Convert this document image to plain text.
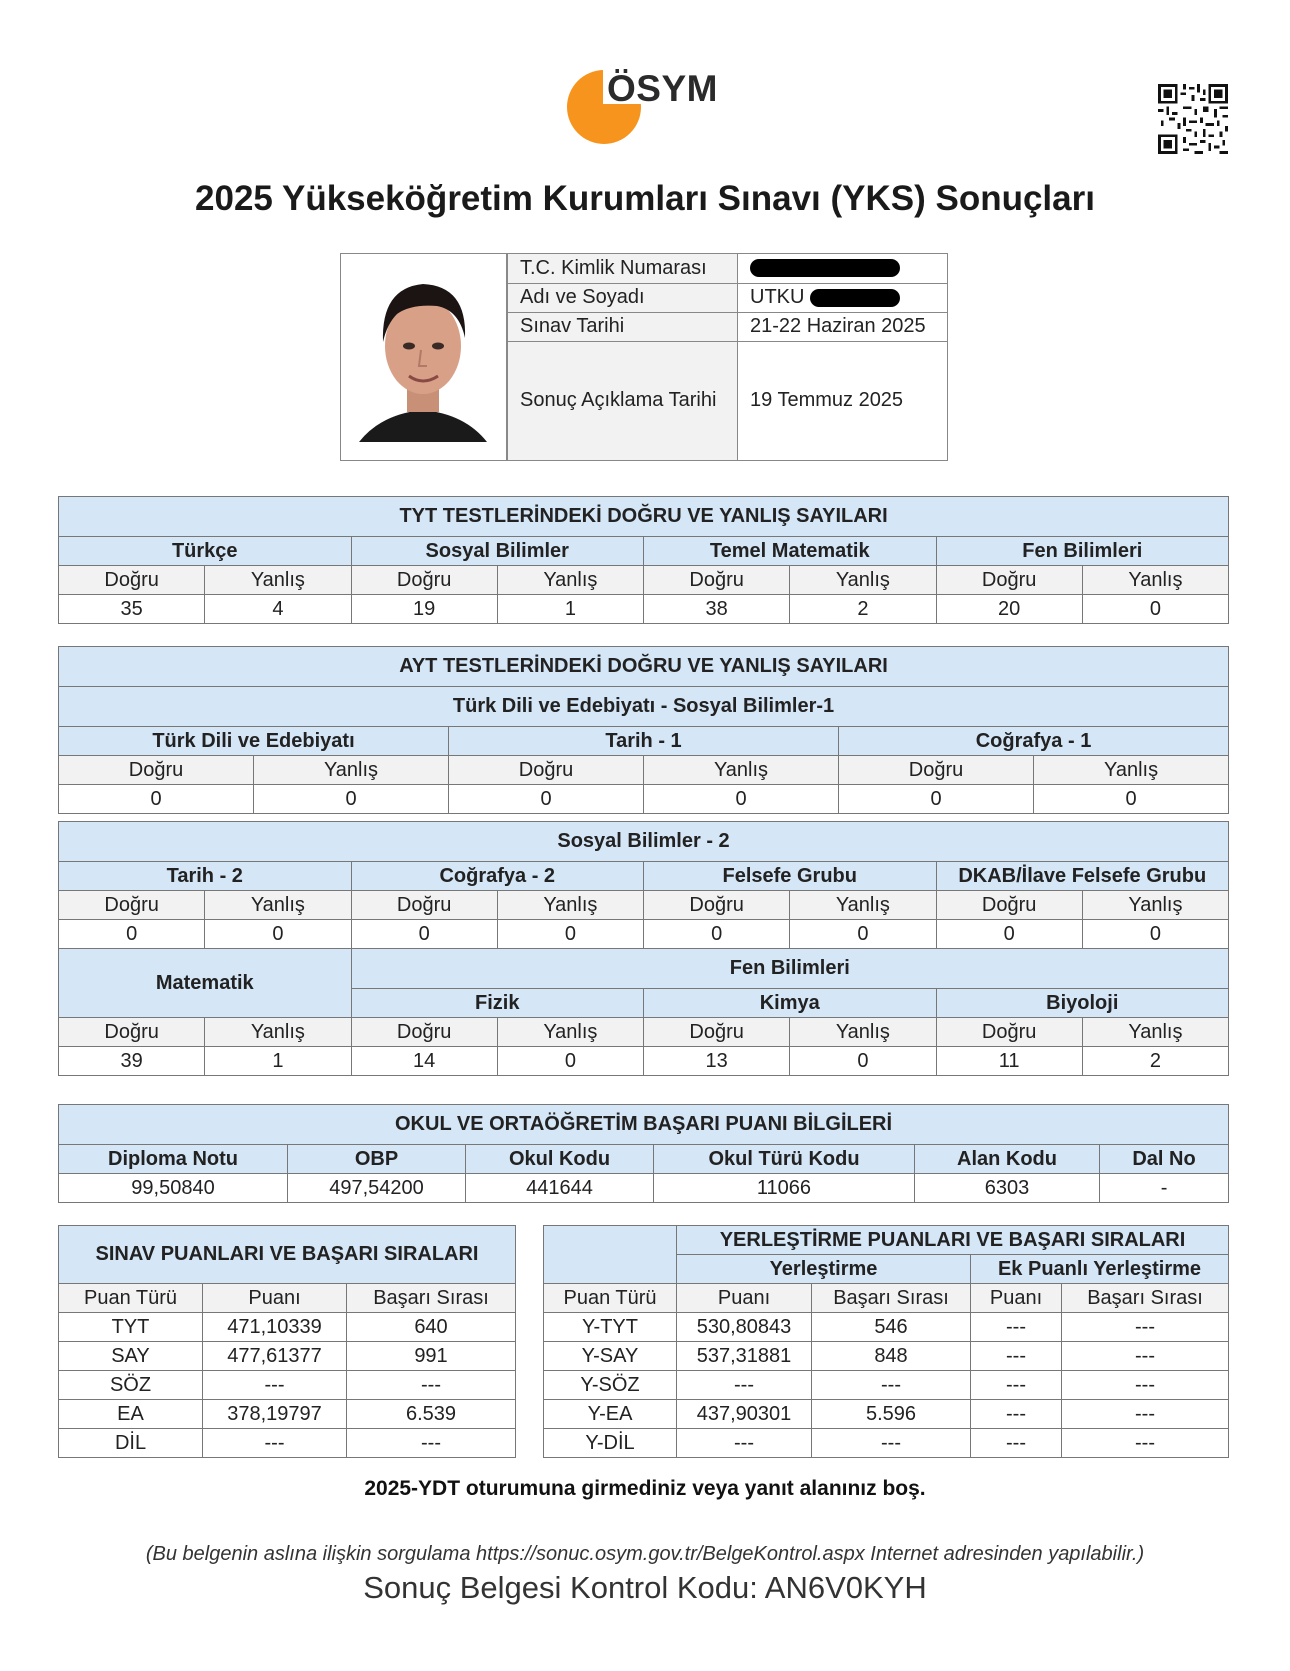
ÖSYM
2025 Yükseköğretim Kurumları Sınavı (YKS) Sonuçları
T.C. Kimlik Numarası	
Adı ve Soyadı	UTKU
Sınav Tarihi	21-22 Haziran 2025
Sonuç Açıklama Tarihi	19 Temmuz 2025
TYT TESTLERİNDEKİ DOĞRU VE YANLIŞ SAYILARI							
Türkçe		Sosyal Bilimler		Temel Matematik		Fen Bilimleri	
Doğru	Yanlış	Doğru	Yanlış	Doğru	Yanlış	Doğru	Yanlış
35	4	19	1	38	2	20	0
AYT TESTLERİNDEKİ DOĞRU VE YANLIŞ SAYILARI					
Türk Dili ve Edebiyatı - Sosyal Bilimler-1					
Türk Dili ve Edebiyatı		Tarih - 1		Coğrafya - 1	
Doğru	Yanlış	Doğru	Yanlış	Doğru	Yanlış
0	0	0	0	0	0
Sosyal Bilimler - 2							
Tarih - 2		Coğrafya - 2		Felsefe Grubu		DKAB/İlave Felsefe Grubu	
Doğru	Yanlış	Doğru	Yanlış	Doğru	Yanlış	Doğru	Yanlış
0	0	0	0	0	0	0	0
Matematik		Fen Bilimleri					
		Fizik		Kimya		Biyoloji	
Doğru	Yanlış	Doğru	Yanlış	Doğru	Yanlış	Doğru	Yanlış
39	1	14	0	13	0	11	2
OKUL VE ORTAÖĞRETİM BAŞARI PUANI BİLGİLERİ					
Diploma Notu	OBP	Okul Kodu	Okul Türü Kodu	Alan Kodu	Dal No
99,50840	497,54200	441644	11066	6303	-
SINAV PUANLARI VE BAŞARI SIRALARI					YERLEŞTİRME PUANLARI VE BAŞARI SIRALARI			
					Yerleştirme		Ek Puanlı Yerleştirme	
Puan Türü	Puanı	Başarı Sırası		Puan Türü	Puanı	Başarı Sırası	Puanı	Başarı Sırası
TYT	471,10339	640		Y-TYT	530,80843	546	---	---
SAY	477,61377	991		Y-SAY	537,31881	848	---	---
SÖZ	---	---		Y-SÖZ	---	---	---	---
EA	378,19797	6.539		Y-EA	437,90301	5.596	---	---
DİL	---	---		Y-DİL	---	---	---	---
2025-YDT oturumuna girmediniz veya yanıt alanınız boş.
(Bu belgenin aslına ilişkin sorgulama https://sonuc.osym.gov.tr/BelgeKontrol.aspx Internet adresinden yapılabilir.)
Sonuç Belgesi Kontrol Kodu: AN6V0KYH
